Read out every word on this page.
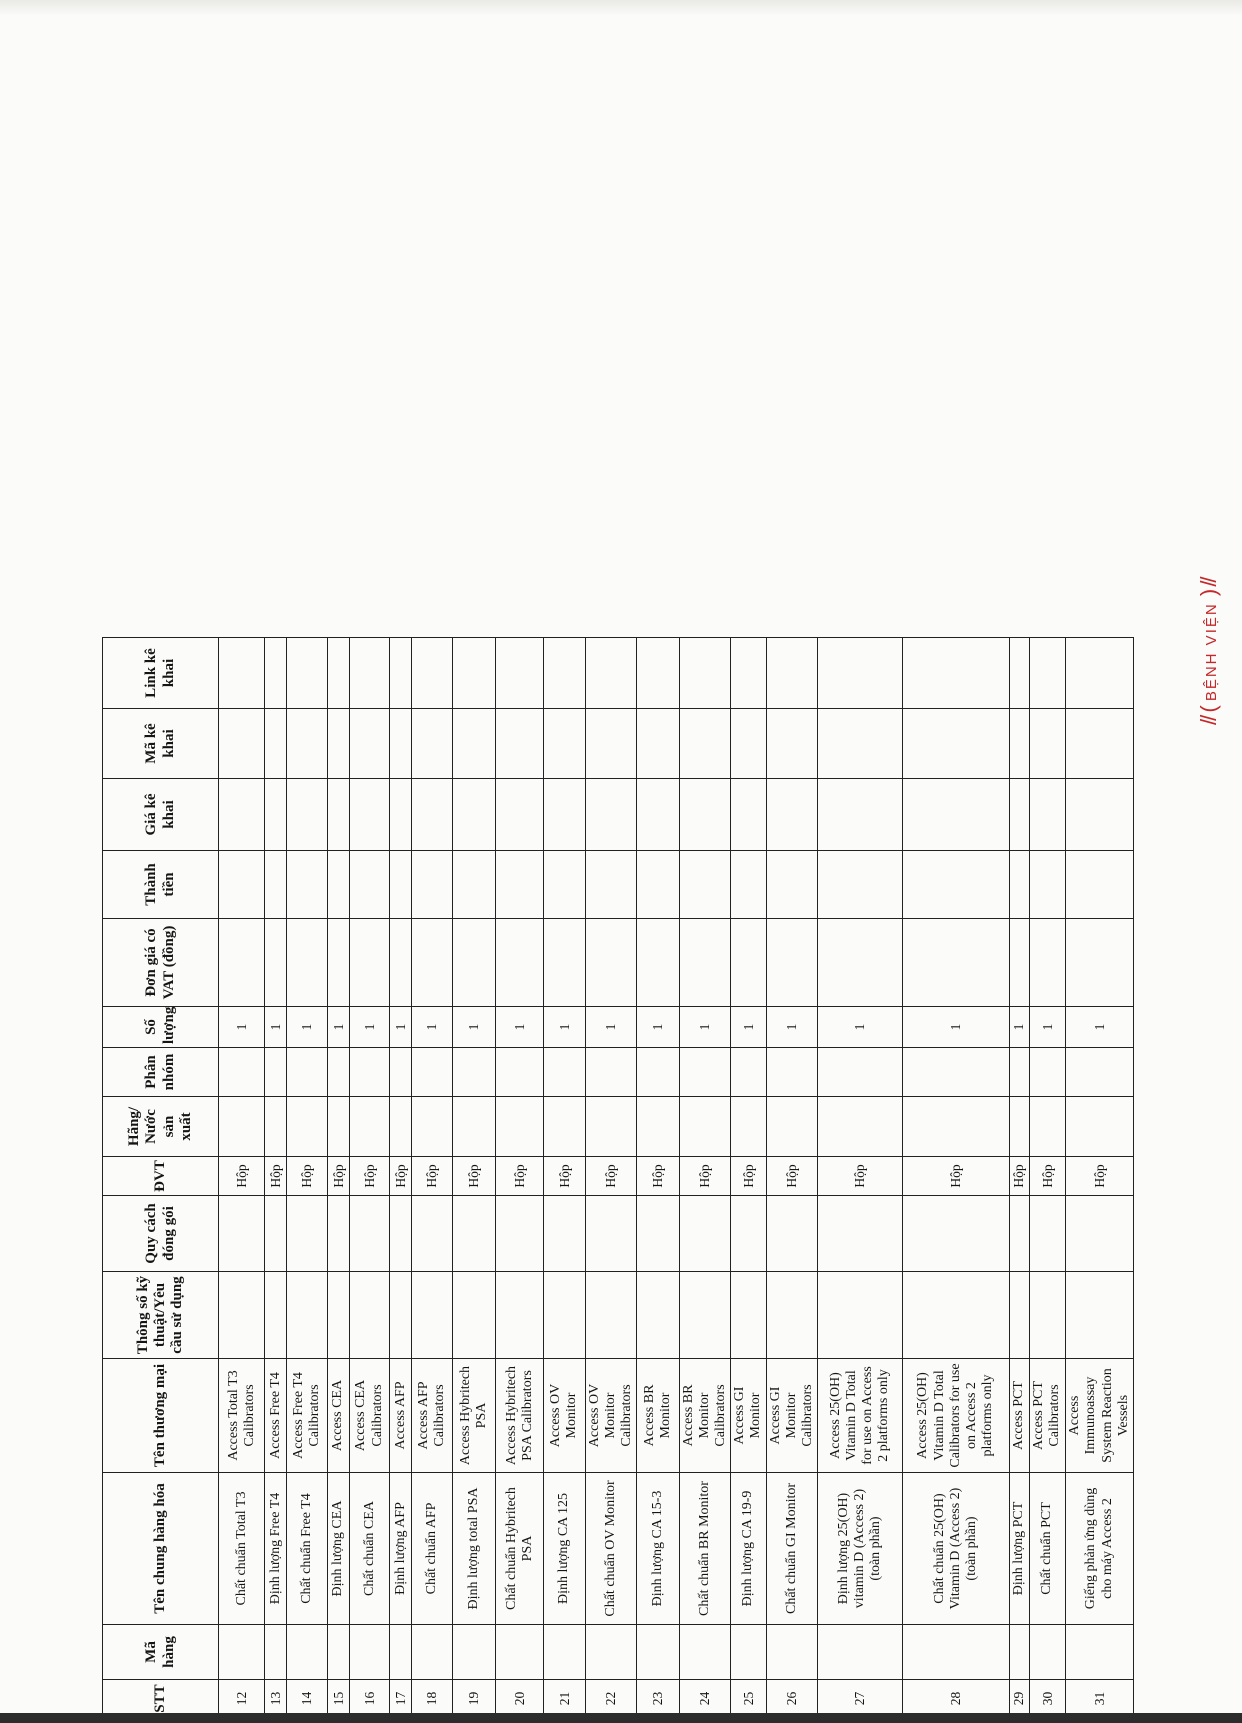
STT	Mã hàng	Tên chung hàng hóa	Tên thương mại	Thông số kỹ thuật/Yêu cầu sử dụng	Quy cách đóng gói	ĐVT	Hãng/ Nước sản xuất	Phân nhóm	Số lượng	Đơn giá có VAT (đồng)	Thành tiền	Giá kê khai	Mã kê khai	Link kê khai
12		Chất chuẩn Total T3	Access Total T3 Calibrators			Hộp			1					
13		Định lượng Free T4	Access Free T4			Hộp			1					
14		Chất chuẩn Free T4	Access Free T4 Calibrators			Hộp			1					
15		Định lượng CEA	Access CEA			Hộp			1					
16		Chất chuẩn CEA	Access CEA Calibrators			Hộp			1					
17		Định lượng AFP	Access AFP			Hộp			1					
18		Chất chuẩn AFP	Access AFP Calibrators			Hộp			1					
19		Định lượng total PSA	Access Hybritech PSA			Hộp			1					
20		Chất chuẩn Hybritech PSA	Access Hybritech PSA Calibrators			Hộp			1					
21		Định lượng CA 125	Access OV Monitor			Hộp			1					
22		Chất chuẩn OV Monitor	Access OV Monitor Calibrators			Hộp			1					
23		Định lượng CA 15-3	Access BR Monitor			Hộp			1					
24		Chất chuẩn BR Monitor	Access BR Monitor Calibrators			Hộp			1					
25		Định lượng CA 19-9	Access GI Monitor			Hộp			1					
26		Chất chuẩn GI Monitor	Access GI Monitor Calibrators			Hộp			1					
27		Định lượng 25(OH) vitamin D (Access 2) (toàn phần)	Access 25(OH) Vitamin D Total for use on Access 2 platforms only			Hộp			1					
28		Chất chuẩn 25(OH) Vitamin D (Access 2) (toàn phần)	Access 25(OH) Vitamin D Total Calibrators for use on Access 2 platforms only			Hộp			1					
29		Định lượng PCT	Access PCT			Hộp			1					
30		Chất chuẩn PCT	Access PCT Calibrators			Hộp			1					
31		Giếng phản ứng dùng cho máy Access 2	Access Immunoassay System Reaction Vessels			Hộp			1					
// ( BỆNH VIỆN ) //
